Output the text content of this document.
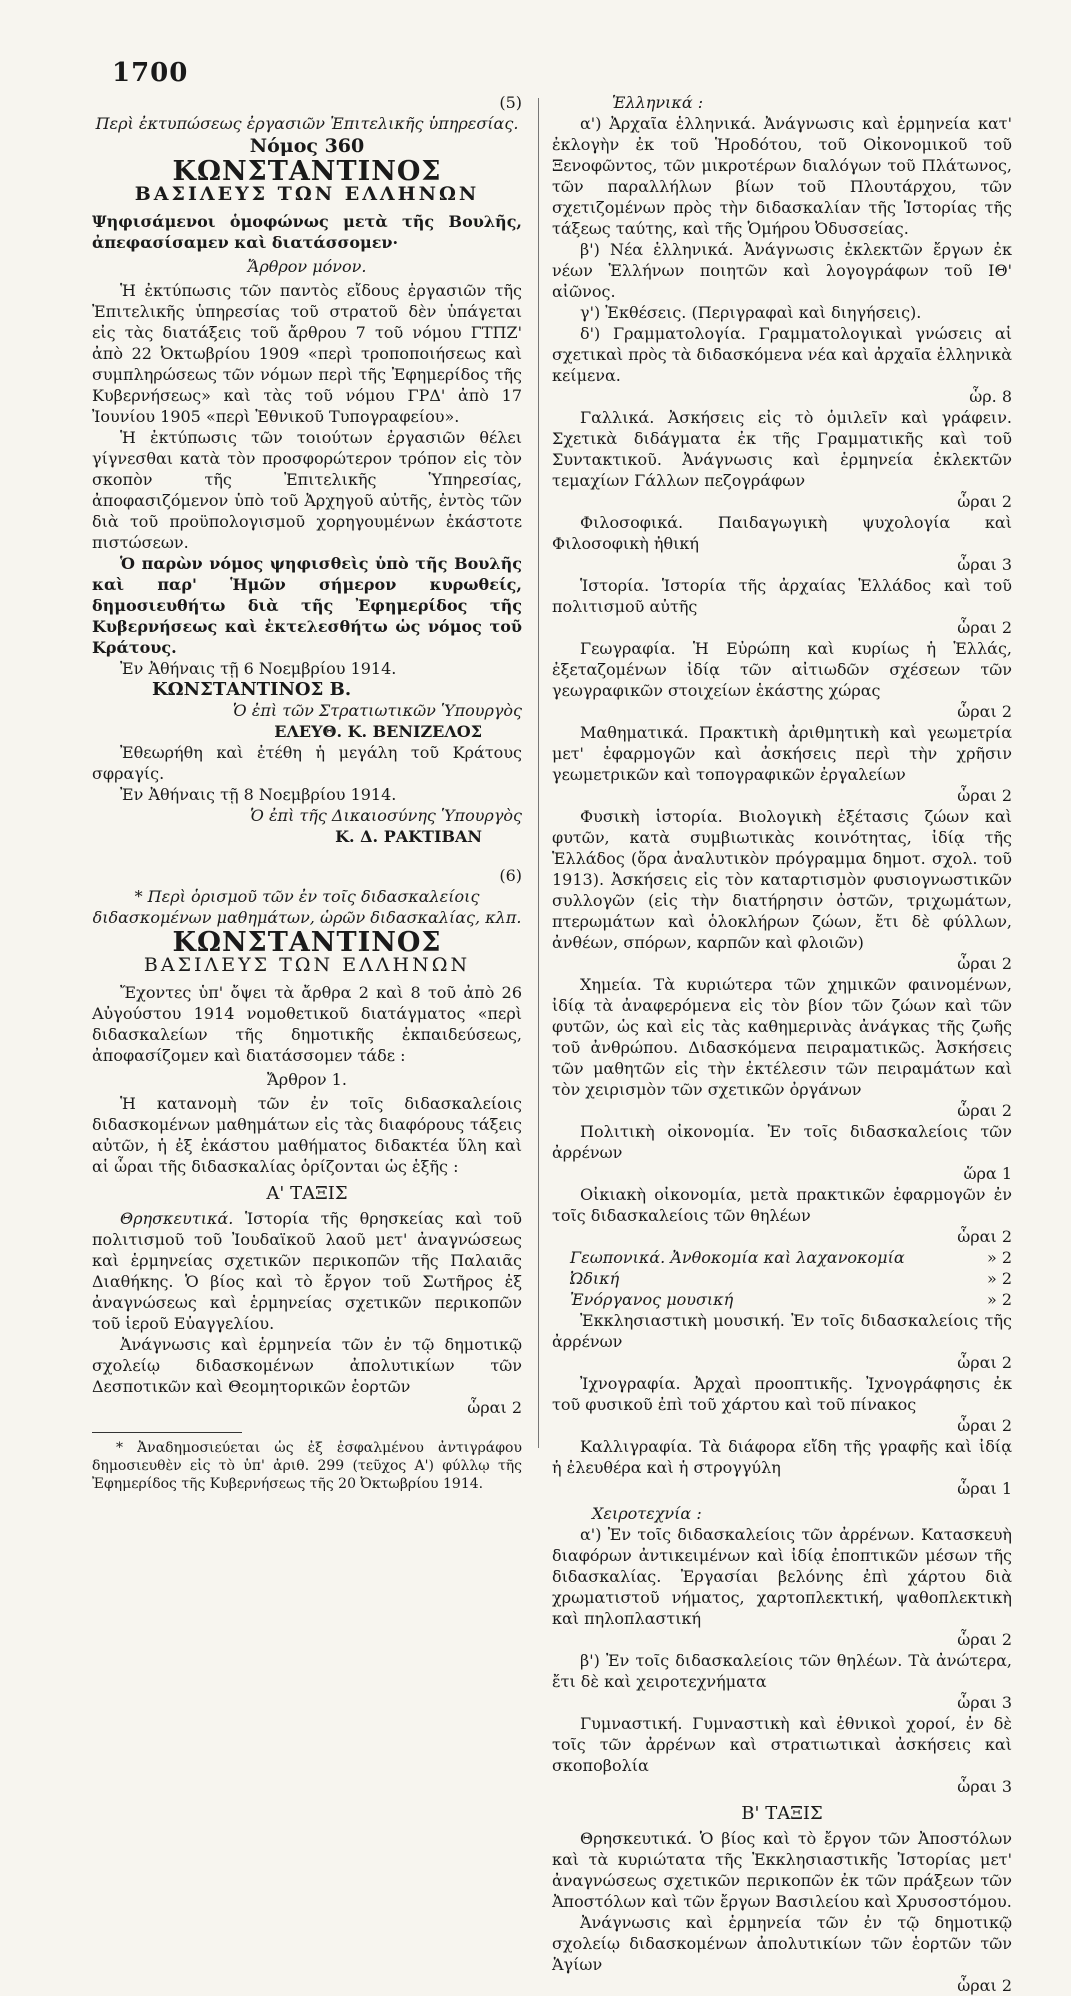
1700

(5)

Περὶ ἐκτυπώσεως ἐργασιῶν Ἐπιτελικῆς ὑπηρεσίας.

Νόμος 360

ΚΩΝΣΤΑΝΤΙΝΟΣ

ΒΑΣΙΛΕΥΣ ΤΩΝ ΕΛΛΗΝΩΝ

Ψηφισάμενοι ὁμοφώνως μετὰ τῆς Βουλῆς, ἀπεφασίσαμεν καὶ διατάσσομεν·

Ἄρθρον μόνον.

Ἡ ἐκτύπωσις τῶν παντὸς εἴδους ἐργασιῶν τῆς Ἐπιτελικῆς ὑπηρεσίας τοῦ στρατοῦ δὲν ὑπάγεται εἰς τὰς διατάξεις τοῦ ἄρθρου 7 τοῦ νόμου ΓΤΠΖ' ἀπὸ 22 Ὀκτωβρίου 1909 «περὶ τροποποιήσεως καὶ συμπληρώσεως τῶν νόμων περὶ τῆς Ἐφημερίδος τῆς Κυβερνήσεως» καὶ τὰς τοῦ νόμου ΓΡΔ' ἀπὸ 17 Ἰουνίου 1905 «περὶ Ἐθνικοῦ Τυπογραφείου».

Ἡ ἐκτύπωσις τῶν τοιούτων ἐργασιῶν θέλει γίγνεσθαι κατὰ τὸν προσφορώτερον τρόπον εἰς τὸν σκοπὸν τῆς Ἐπιτελικῆς Ὑπηρεσίας, ἀποφασιζόμενον ὑπὸ τοῦ Ἀρχηγοῦ αὐτῆς, ἐντὸς τῶν διὰ τοῦ προϋπολογισμοῦ χορηγουμένων ἑκάστοτε πιστώσεων.

Ὁ παρὼν νόμος ψηφισθεὶς ὑπὸ τῆς Βουλῆς καὶ παρ' Ἡμῶν σήμερον κυρωθείς, δημοσιευθήτω διὰ τῆς Ἐφημερίδος τῆς Κυβερνήσεως καὶ ἐκτελεσθήτω ὡς νόμος τοῦ Κράτους.

Ἐν Ἀθήναις τῇ 6 Νοεμβρίου 1914.

ΚΩΝΣΤΑΝΤΙΝΟΣ Β.

Ὁ ἐπὶ τῶν Στρατιωτικῶν Ὑπουργὸς

ΕΛΕΥΘ. Κ. ΒΕΝΙΖΕΛΟΣ

Ἐθεωρήθη καὶ ἐτέθη ἡ μεγάλη τοῦ Κράτους σφραγίς.

Ἐν Ἀθήναις τῇ 8 Νοεμβρίου 1914.

Ὁ ἐπὶ τῆς Δικαιοσύνης Ὑπουργὸς

Κ. Δ. ΡΑΚΤΙΒΑΝ

(6)

* Περὶ ὁρισμοῦ τῶν ἐν τοῖς διδασκαλείοις διδασκομένων μαθημάτων, ὡρῶν διδασκαλίας, κλπ.

ΚΩΝΣΤΑΝΤΙΝΟΣ

ΒΑΣΙΛΕΥΣ ΤΩΝ ΕΛΛΗΝΩΝ

Ἔχοντες ὑπ' ὄψει τὰ ἄρθρα 2 καὶ 8 τοῦ ἀπὸ 26 Αὐγούστου 1914 νομοθετικοῦ διατάγματος «περὶ διδασκαλείων τῆς δημοτικῆς ἐκπαιδεύσεως, ἀποφασίζομεν καὶ διατάσσομεν τάδε :

Ἄρθρον 1.

Ἡ κατανομὴ τῶν ἐν τοῖς διδασκαλείοις διδασκομένων μαθημάτων εἰς τὰς διαφόρους τάξεις αὐτῶν, ἡ ἐξ ἑκάστου μαθήματος διδακτέα ὕλη καὶ αἱ ὧραι τῆς διδασκαλίας ὁρίζονται ὡς ἑξῆς :

Α' ΤΑΞΙΣ

Θρησκευτικά. Ἱστορία τῆς θρησκείας καὶ τοῦ πολιτισμοῦ τοῦ Ἰουδαϊκοῦ λαοῦ μετ' ἀναγνώσεως καὶ ἑρμηνείας σχετικῶν περικοπῶν τῆς Παλαιᾶς Διαθήκης. Ὁ βίος καὶ τὸ ἔργον τοῦ Σωτῆρος ἐξ ἀναγνώσεως καὶ ἑρμηνείας σχετικῶν περικοπῶν τοῦ ἱεροῦ Εὐαγγελίου.

Ἀνάγνωσις καὶ ἑρμηνεία τῶν ἐν τῷ δημοτικῷ σχολείῳ διδασκομένων ἀπολυτικίων τῶν Δεσποτικῶν καὶ Θεομητορικῶν ἑορτῶν

ὧραι 2

* Ἀναδημοσιεύεται ὡς ἐξ ἐσφαλμένου ἀντιγράφου δημοσιευθὲν εἰς τὸ ὑπ' ἀριθ. 299 (τεῦχος Α') φύλλῳ τῆς Ἐφημερίδος τῆς Κυβερνήσεως τῆς 20 Ὀκτωβρίου 1914.

Ἑλληνικά :

α') Ἀρχαῖα ἑλληνικά. Ἀνάγνωσις καὶ ἑρμηνεία κατ' ἐκλογὴν ἐκ τοῦ Ἡροδότου, τοῦ Οἰκονομικοῦ τοῦ Ξενοφῶντος, τῶν μικροτέρων διαλόγων τοῦ Πλάτωνος, τῶν παραλλήλων βίων τοῦ Πλουτάρχου, τῶν σχετιζομένων πρὸς τὴν διδασκαλίαν τῆς Ἱστορίας τῆς τάξεως ταύτης, καὶ τῆς Ὁμήρου Ὀδυσσείας.

β') Νέα ἑλληνικά. Ἀνάγνωσις ἐκλεκτῶν ἔργων ἐκ νέων Ἑλλήνων ποιητῶν καὶ λογογράφων τοῦ ΙΘ' αἰῶνος.

γ') Ἐκθέσεις. (Περιγραφαὶ καὶ διηγήσεις).

δ') Γραμματολογία. Γραμματολογικαὶ γνώσεις αἱ σχετικαὶ πρὸς τὰ διδασκόμενα νέα καὶ ἀρχαῖα ἑλληνικὰ κείμενα.

ὧρ. 8

Γαλλικά. Ἀσκήσεις εἰς τὸ ὁμιλεῖν καὶ γράφειν. Σχετικὰ διδάγματα ἐκ τῆς Γραμματικῆς καὶ τοῦ Συντακτικοῦ. Ἀνάγνωσις καὶ ἑρμηνεία ἐκλεκτῶν τεμαχίων Γάλλων πεζογράφων

ὧραι 2

Φιλοσοφικά. Παιδαγωγικὴ ψυχολογία καὶ Φιλοσοφικὴ ἠθική

ὧραι 3

Ἱστορία. Ἱστορία τῆς ἀρχαίας Ἑλλάδος καὶ τοῦ πολιτισμοῦ αὐτῆς

ὧραι 2

Γεωγραφία. Ἡ Εὐρώπη καὶ κυρίως ἡ Ἑλλάς, ἐξεταζομένων ἰδίᾳ τῶν αἰτιωδῶν σχέσεων τῶν γεωγραφικῶν στοιχείων ἑκάστης χώρας

ὧραι 2

Μαθηματικά. Πρακτικὴ ἀριθμητικὴ καὶ γεωμετρία μετ' ἐφαρμογῶν καὶ ἀσκήσεις περὶ τὴν χρῆσιν γεωμετρικῶν καὶ τοπογραφικῶν ἐργαλείων

ὧραι 2

Φυσικὴ ἱστορία. Βιολογικὴ ἐξέτασις ζώων καὶ φυτῶν, κατὰ συμβιωτικὰς κοινότητας, ἰδίᾳ τῆς Ἑλλάδος (ὅρα ἀναλυτικὸν πρόγραμμα δημοτ. σχολ. τοῦ 1913). Ἀσκήσεις εἰς τὸν καταρτισμὸν φυσιογνωστικῶν συλλογῶν (εἰς τὴν διατήρησιν ὀστῶν, τριχωμάτων, πτερωμάτων καὶ ὁλοκλήρων ζώων, ἔτι δὲ φύλλων, ἀνθέων, σπόρων, καρπῶν καὶ φλοιῶν)

ὧραι 2

Χημεία. Τὰ κυριώτερα τῶν χημικῶν φαινομένων, ἰδίᾳ τὰ ἀναφερόμενα εἰς τὸν βίον τῶν ζώων καὶ τῶν φυτῶν, ὡς καὶ εἰς τὰς καθημερινὰς ἀνάγκας τῆς ζωῆς τοῦ ἀνθρώπου. Διδασκόμενα πειραματικῶς. Ἀσκήσεις τῶν μαθητῶν εἰς τὴν ἐκτέλεσιν τῶν πειραμάτων καὶ τὸν χειρισμὸν τῶν σχετικῶν ὀργάνων

ὧραι 2

Πολιτικὴ οἰκονομία. Ἐν τοῖς διδασκαλείοις τῶν ἀρρένων

ὥρα 1

Οἰκιακὴ οἰκονομία, μετὰ πρακτικῶν ἐφαρμογῶν ἐν τοῖς διδασκαλείοις τῶν θηλέων

ὧραι 2

Γεωπονικά. Ἀνθοκομία καὶ λαχανοκομία	» 2
Ὠδική	» 2
Ἐνόργανος μουσική	» 2

Ἐκκλησιαστικὴ μουσική. Ἐν τοῖς διδασκαλείοις τῆς ἀρρένων

ὧραι 2

Ἰχνογραφία. Ἀρχαὶ προοπτικῆς. Ἰχνογράφησις ἐκ τοῦ φυσικοῦ ἐπὶ τοῦ χάρτου καὶ τοῦ πίνακος

ὧραι 2

Καλλιγραφία. Τὰ διάφορα εἴδη τῆς γραφῆς καὶ ἰδίᾳ ἡ ἐλευθέρα καὶ ἡ στρογγύλη

ὧραι 1

Χειροτεχνία :

α') Ἐν τοῖς διδασκαλείοις τῶν ἀρρένων. Κατασκευὴ διαφόρων ἀντικειμένων καὶ ἰδίᾳ ἐποπτικῶν μέσων τῆς διδασκαλίας. Ἐργασίαι βελόνης ἐπὶ χάρτου διὰ χρωματιστοῦ νήματος, χαρτοπλεκτική, ψαθοπλεκτικὴ καὶ πηλοπλαστική

ὧραι 2

β') Ἐν τοῖς διδασκαλείοις τῶν θηλέων. Τὰ ἀνώτερα, ἔτι δὲ καὶ χειροτεχνήματα

ὧραι 3

Γυμναστική. Γυμναστικὴ καὶ ἐθνικοὶ χοροί, ἐν δὲ τοῖς τῶν ἀρρένων καὶ στρατιωτικαὶ ἀσκήσεις καὶ σκοποβολία

ὧραι 3

Β' ΤΑΞΙΣ

Θρησκευτικά. Ὁ βίος καὶ τὸ ἔργον τῶν Ἀποστόλων καὶ τὰ κυριώτατα τῆς Ἐκκλησιαστικῆς Ἱστορίας μετ' ἀναγνώσεως σχετικῶν περικοπῶν ἐκ τῶν πράξεων τῶν Ἀποστόλων καὶ τῶν ἔργων Βασιλείου καὶ Χρυσοστόμου.

Ἀνάγνωσις καὶ ἑρμηνεία τῶν ἐν τῷ δημοτικῷ σχολείῳ διδασκομένων ἀπολυτικίων τῶν ἑορτῶν τῶν Ἁγίων

ὧραι 2
